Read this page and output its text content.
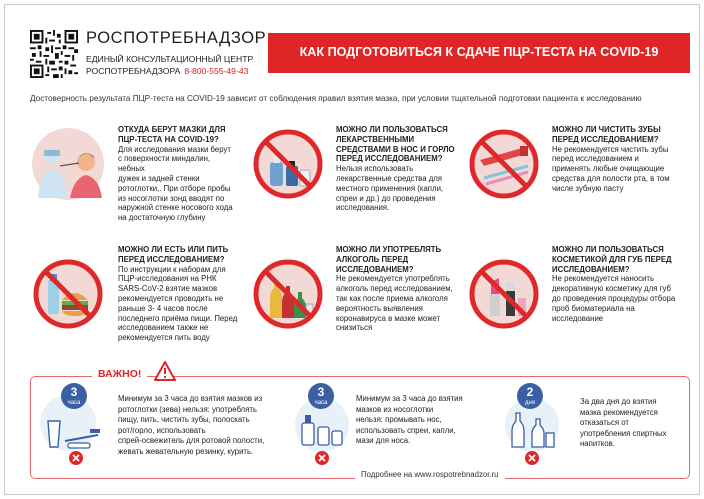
РОСПОТРЕБНАДЗОР
ЕДИНЫЙ КОНСУЛЬТАЦИОННЫЙ ЦЕНТР
РОСПОТРЕБНАДЗОРА 8-800-555-49-43
КАК ПОДГОТОВИТЬСЯ К СДАЧЕ ПЦР-ТЕСТА НА COVID-19
Достоверность результата ПЦР-теста на COVID-19 зависит от соблюдения правил взятия мазка, при условии тщательной подготовки пациента к исследованию
ОТКУДА БЕРУТ МАЗКИ ДЛЯ
ПЦР-ТЕСТА НА COVID-19?
Для исследования мазки берут
с поверхности миндалин, небных
дужек и задней стенки
ротоглотки,. При отборе пробы
из носоглотки зонд вводят по
наружной стенке носового хода
на достаточную глубину
МОЖНО ЛИ ПОЛЬЗОВАТЬСЯ
ЛЕКАРСТВЕННЫМИ
СРЕДСТВАМИ В НОС И ГОРЛО
ПЕРЕД ИССЛЕДОВАНИЕМ?
Нельзя использовать
лекарственные средства для
местного применения (капли,
спреи и др.) до проведения
исследования.
МОЖНО ЛИ ЧИСТИТЬ ЗУБЫ
ПЕРЕД ИССЛЕДОВАНИЕМ?
Не рекомендуется чистить зубы
перед исследованием и
применять любые очищающие
средства для полости рта, в том
числе зубную пасту
МОЖНО ЛИ ЕСТЬ ИЛИ ПИТЬ
ПЕРЕД ИССЛЕДОВАНИЕМ?
По инструкции к наборам для
ПЦР-исследования на РНК
SARS-CoV-2 взятие мазков
рекомендуется проводить не
раньше 3- 4 часов после
последнего приёма пищи. Перед
исследованием также не
рекомендуется пить воду
МОЖНО ЛИ УПОТРЕБЛЯТЬ
АЛКОГОЛЬ ПЕРЕД
ИССЛЕДОВАНИЕМ?
Не рекомендуется употреблять
алкоголь перед исследованием,
так как после приема алкоголя
вероятность выявления
коронавируса в мазке может
снизиться
МОЖНО ЛИ ПОЛЬЗОВАТЬСЯ
КОСМЕТИКОЙ ДЛЯ ГУБ ПЕРЕД
ИССЛЕДОВАНИЕМ?
Не рекомендуется наносить
декоративную косметику для губ
до проведения процедуры отбора
проб биоматериала на
исследование
ВАЖНО!
3
часа	Минимум за 3 часа до взятия мазков из
ротоглотки (зева) нельзя: употреблять
пищу, пить, чистить зубы, полоскать
рот/горло, использовать
спрей-освежитель для ротовой полости,
жевать жевательную резинку, курить.
3
часа	Минимум за 3 часа до взятия
мазков из носоглотки
нельзя: промывать нос,
использовать спреи, капли,
мази для носа.
2
дня	За два дня до взятия
мазка рекомендуется
отказаться от
употребления спиртных
напитков.
Подробнее на www.rospotrebnadzor.ru
